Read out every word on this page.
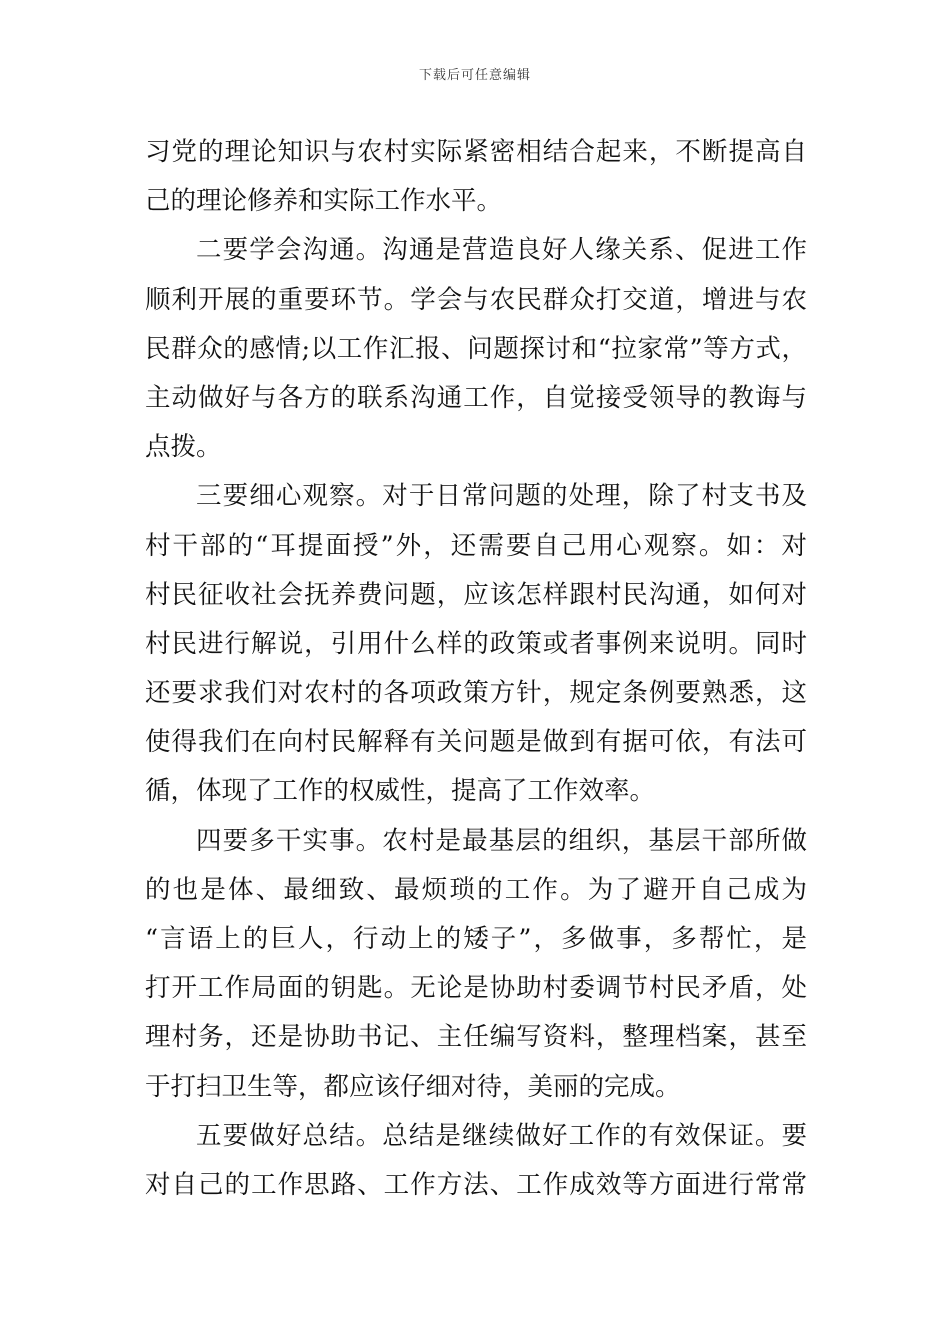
下载后可任意编辑
习党的理论知识与农村实际紧密相结合起来，不断提高自
己的理论修养和实际工作水平。
二要学会沟通。沟通是营造良好人缘关系、促进工作
顺利开展的重要环节。学会与农民群众打交道，增进与农
民群众的感情;以工作汇报、问题探讨和“拉家常”等方式，
主动做好与各方的联系沟通工作，自觉接受领导的教诲与
点拨。
三要细心观察。对于日常问题的处理，除了村支书及
村干部的“耳提面授”外，还需要自己用心观察。如：对
村民征收社会抚养费问题，应该怎样跟村民沟通，如何对
村民进行解说，引用什么样的政策或者事例来说明。同时
还要求我们对农村的各项政策方针，规定条例要熟悉，这
使得我们在向村民解释有关问题是做到有据可依，有法可
循，体现了工作的权威性，提高了工作效率。
四要多干实事。农村是最基层的组织，基层干部所做
的也是体、最细致、最烦琐的工作。为了避开自己成为
“言语上的巨人，行动上的矮子”，多做事，多帮忙，是
打开工作局面的钥匙。无论是协助村委调节村民矛盾，处
理村务，还是协助书记、主任编写资料，整理档案，甚至
于打扫卫生等，都应该仔细对待，美丽的完成。
五要做好总结。总结是继续做好工作的有效保证。要
对自己的工作思路、工作方法、工作成效等方面进行常常
